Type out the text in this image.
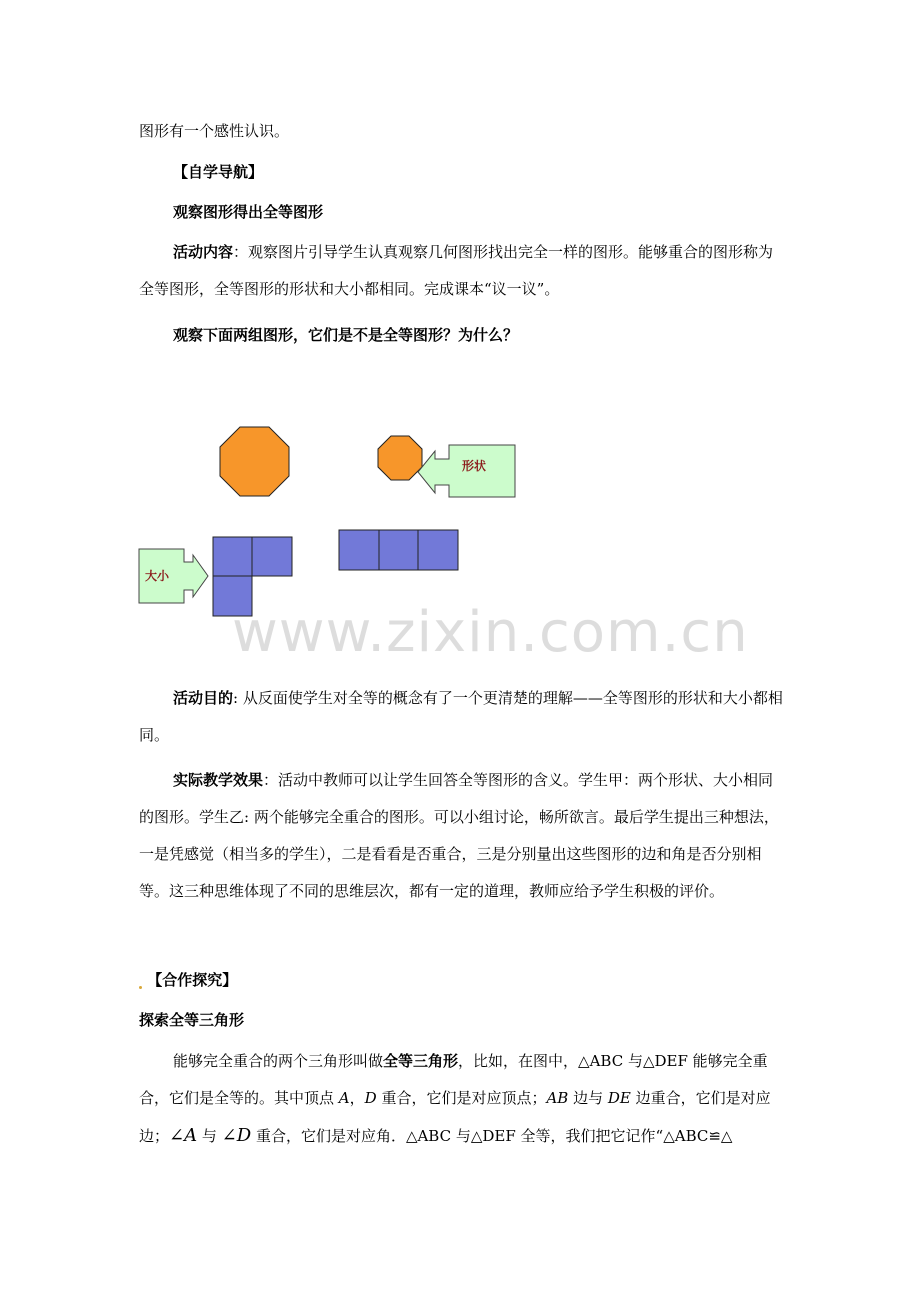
图形有一个感性认识。

【自学导航】

观察图形得出全等图形

活动内容：观察图片引导学生认真观察几何图形找出完全一样的图形。能够重合的图形称为全等图形，全等图形的形状和大小都相同。完成课本“议一议”。

观察下面两组图形，它们是不是全等图形？为什么？

形状
大小
www.zixin.com.cn

活动目的: 从反面使学生对全等的概念有了一个更清楚的理解——全等图形的形状和大小都相同。

实际教学效果：活动中教师可以让学生回答全等图形的含义。学生甲：两个形状、大小相同的图形。学生乙: 两个能够完全重合的图形。可以小组讨论，畅所欲言。最后学生提出三种想法，一是凭感觉（相当多的学生），二是看看是否重合，三是分别量出这些图形的边和角是否分别相等。这三种思维体现了不同的思维层次，都有一定的道理，教师应给予学生积极的评价。

【合作探究】

探索全等三角形

能够完全重合的两个三角形叫做全等三角形，比如，在图中，△ABC 与△DEF 能够完全重合，它们是全等的。其中顶点 A，D 重合，它们是对应顶点；AB 边与 DE 边重合，它们是对应边；∠A 与 ∠D 重合，它们是对应角．△ABC 与△DEF 全等，我们把它记作“△ABC≌△
